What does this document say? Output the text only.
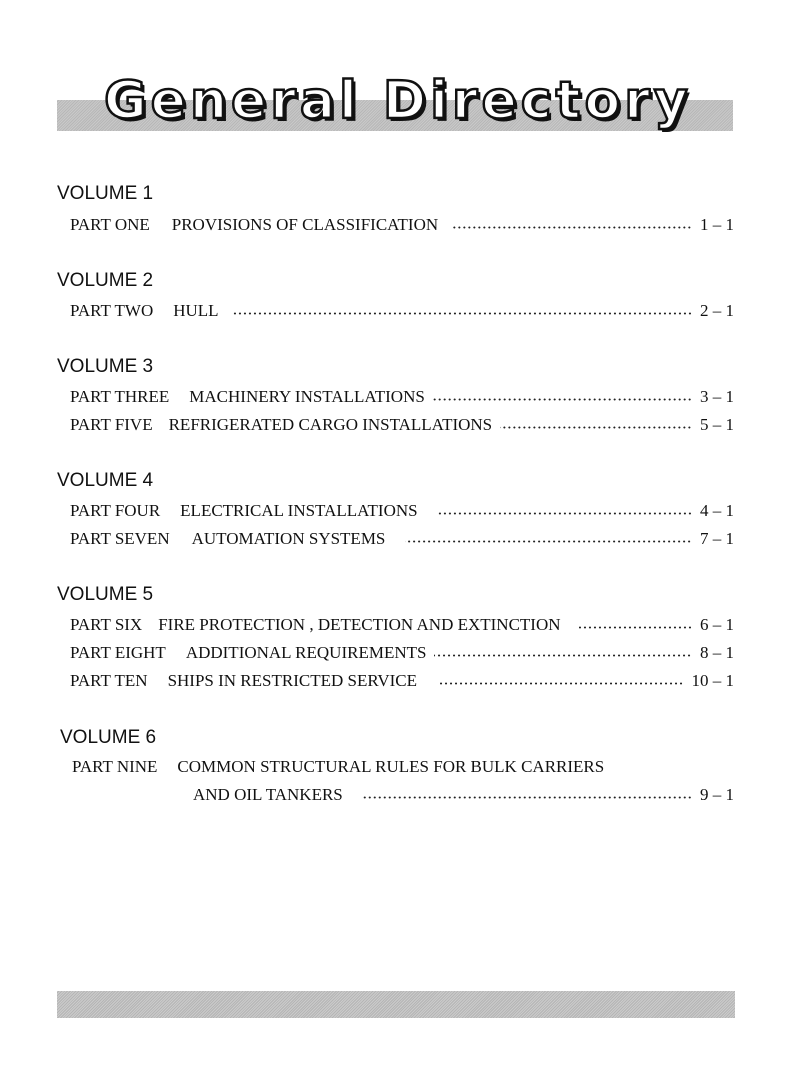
General Directory
VOLUME 1
PART ONE PROVISIONS OF CLASSIFICATION	1 – 1
VOLUME 2
PART TWO HULL	2 – 1
VOLUME 3
PART THREE MACHINERY INSTALLATIONS	3 – 1
PART FIVE REFRIGERATED CARGO INSTALLATIONS	5 – 1
VOLUME 4
PART FOUR ELECTRICAL INSTALLATIONS	4 – 1
PART SEVEN AUTOMATION SYSTEMS	7 – 1
VOLUME 5
PART SIX FIRE PROTECTION , DETECTION AND EXTINCTION	6 – 1
PART EIGHT ADDITIONAL REQUIREMENTS	8 – 1
PART TEN SHIPS IN RESTRICTED SERVICE	10 – 1
VOLUME 6
PART NINE COMMON STRUCTURAL RULES FOR BULK CARRIERS
AND OIL TANKERS	9 – 1
